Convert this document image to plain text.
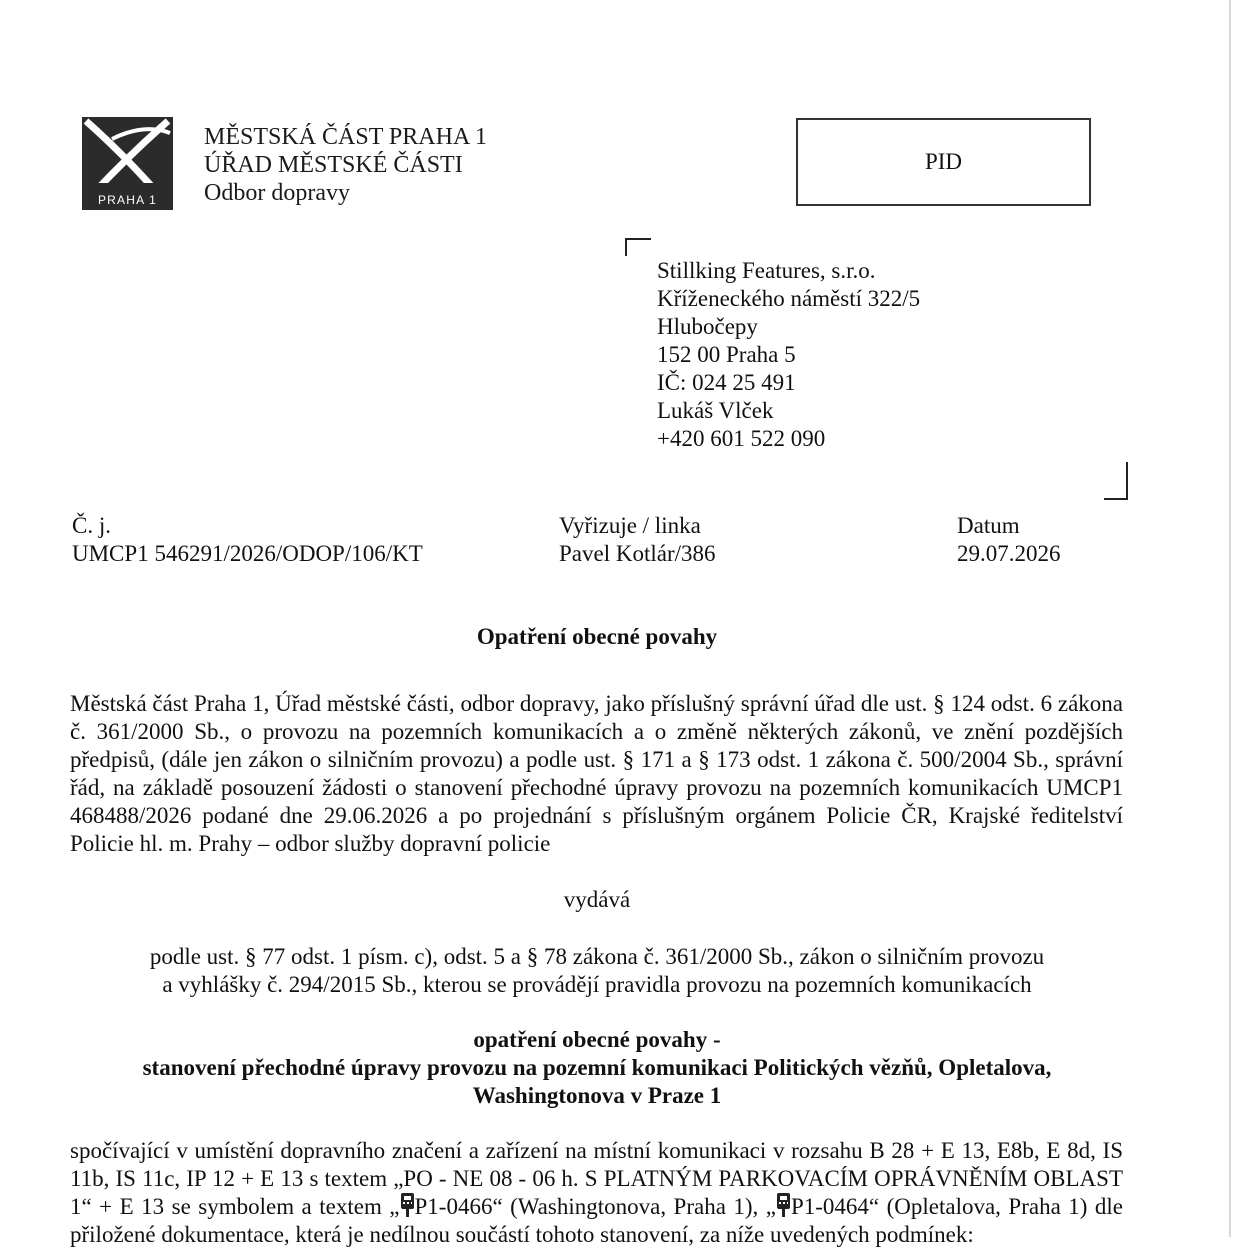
PRAHA 1
MĚSTSKÁ ČÁST PRAHA 1
ÚŘAD MĚSTSKÉ ČÁSTI
Odbor dopravy
PID
Stillking Features, s.r.o.
Kříženeckého náměstí 322/5
Hlubočepy
152 00 Praha 5
IČ: 024 25 491
Lukáš Vlček
+420 601 522 090
Č. j.
UMCP1 546291/2026/ODOP/106/KT
Vyřizuje / linka
Pavel Kotlár/386
Datum
29.07.2026
Opatření obecné povahy
Městská část Praha 1, Úřad městské části, odbor dopravy, jako příslušný správní úřad dle ust. § 124 odst. 6 zákona č. 361/2000 Sb., o provozu na pozemních komunikacích a o změně některých zákonů, ve znění pozdějších předpisů, (dále jen zákon o silničním provozu) a podle ust. § 171 a § 173 odst. 1 zákona č. 500/2004 Sb., správní řád, na základě posouzení žádosti o stanovení přechodné úpravy provozu na pozemních komunikacích UMCP1 468488/2026 podané dne 29.06.2026 a po projednání s příslušným orgánem Policie ČR, Krajské ředitelství Policie hl. m. Prahy – odbor služby dopravní policie
vydává
podle ust. § 77 odst. 1 písm. c), odst. 5 a § 78 zákona č. 361/2000 Sb., zákon o silničním provozu
a vyhlášky č. 294/2015 Sb., kterou se provádějí pravidla provozu na pozemních komunikacích
opatření obecné povahy -
stanovení přechodné úpravy provozu na pozemní komunikaci Politických vězňů, Opletalova,
Washingtonova v Praze 1
spočívající v umístění dopravního značení a zařízení na místní komunikaci v rozsahu B 28 + E 13, E8b, E 8d, IS 11b, IS 11c, IP 12 + E 13 s textem „PO - NE 08 - 06 h. S PLATNÝM PARKOVACÍM OPRÁVNĚNÍM OBLAST 1“ + E 13 se symbolem a textem „ P1-0466“ (Washingtonova, Praha 1), „ P1-0464“ (Opletalova, Praha 1) dle přiložené dokumentace, která je nedílnou součástí tohoto stanovení, za níže uvedených podmínek:
